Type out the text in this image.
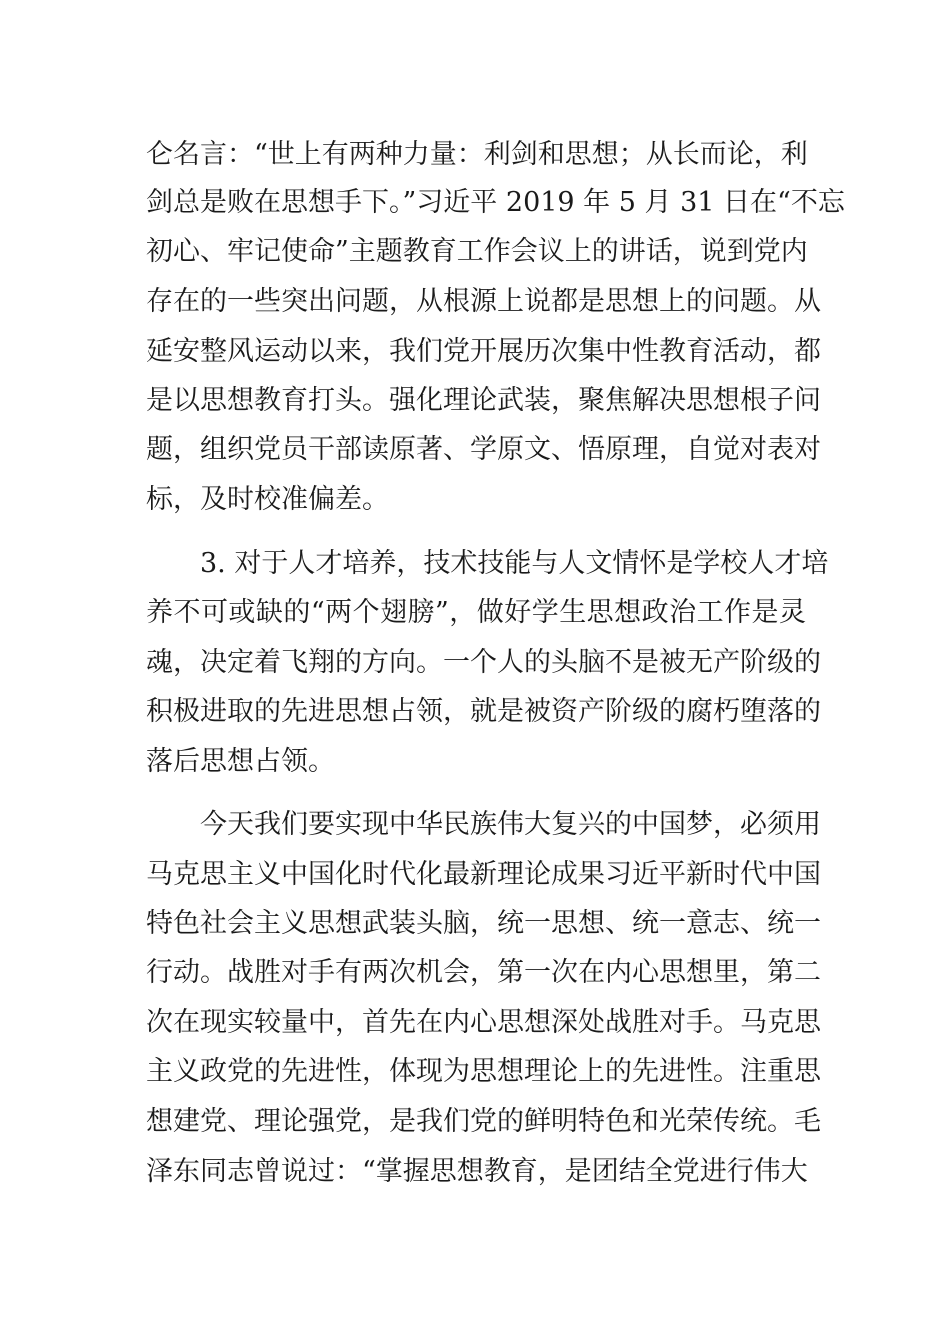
仑名言：“世上有两种力量：利剑和思想；从长而论，利
剑总是败在思想手下。”习近平 2019 年 5 月 31 日在“不忘
初心、牢记使命”主题教育工作会议上的讲话，说到党内
存在的一些突出问题，从根源上说都是思想上的问题。从
延安整风运动以来，我们党开展历次集中性教育活动，都
是以思想教育打头。强化理论武装，聚焦解决思想根子问
题，组织党员干部读原著、学原文、悟原理，自觉对表对
标，及时校准偏差。
3. 对于人才培养，技术技能与人文情怀是学校人才培
养不可或缺的“两个翅膀”，做好学生思想政治工作是灵
魂，决定着飞翔的方向。一个人的头脑不是被无产阶级的
积极进取的先进思想占领，就是被资产阶级的腐朽堕落的
落后思想占领。
今天我们要实现中华民族伟大复兴的中国梦，必须用
马克思主义中国化时代化最新理论成果习近平新时代中国
特色社会主义思想武装头脑，统一思想、统一意志、统一
行动。战胜对手有两次机会，第一次在内心思想里，第二
次在现实较量中，首先在内心思想深处战胜对手。马克思
主义政党的先进性，体现为思想理论上的先进性。注重思
想建党、理论强党，是我们党的鲜明特色和光荣传统。毛
泽东同志曾说过：“掌握思想教育，是团结全党进行伟大
